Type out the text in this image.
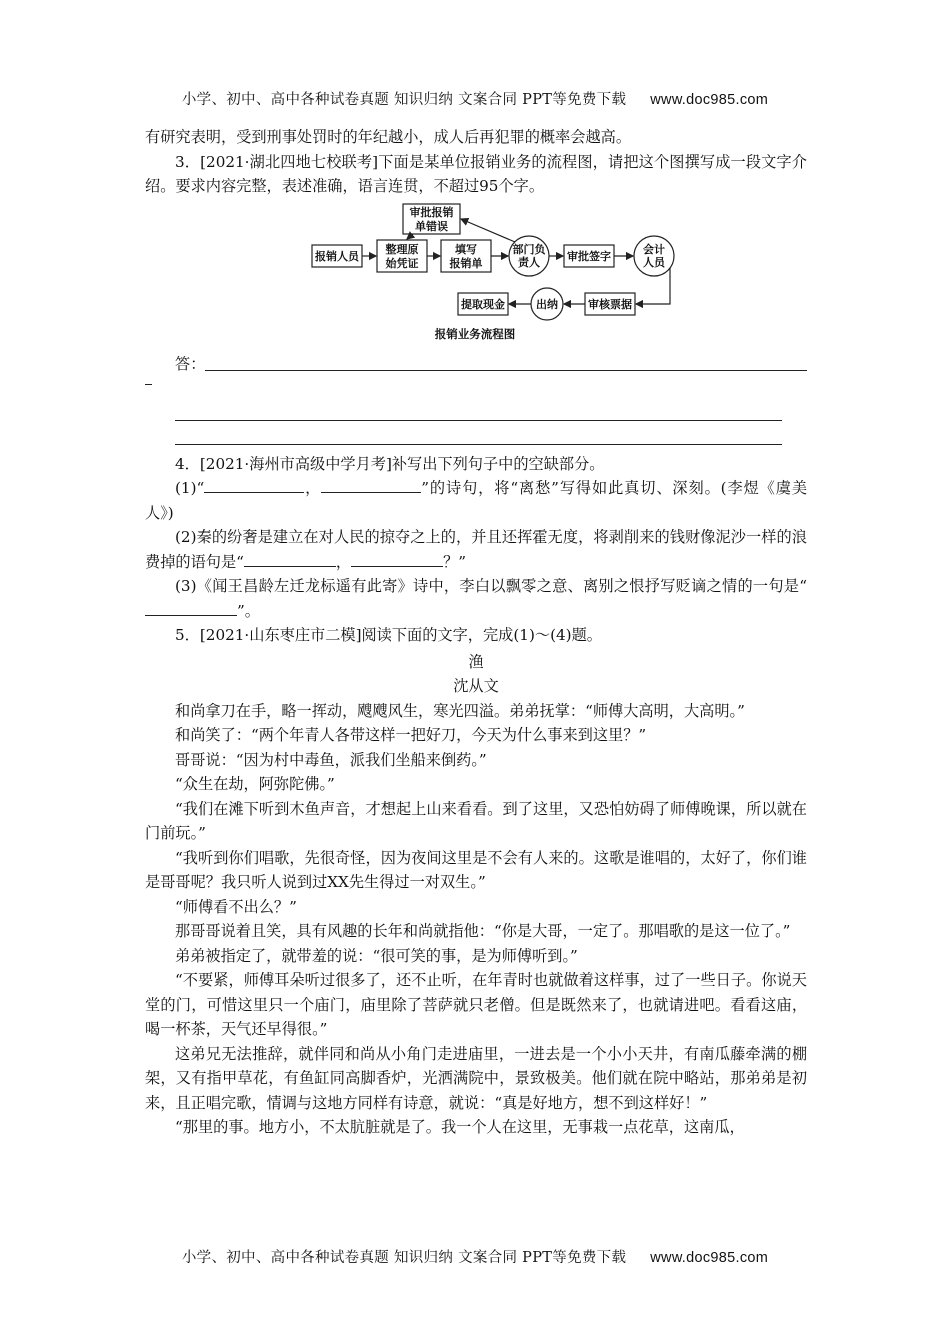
小学、初中、高中各种试卷真题 知识归纳 文案合同 PPT等免费下载 www.doc985.com

有研究表明，受到刑事处罚时的年纪越小，成人后再犯罪的概率会越高。

3．[2021·湖北四地七校联考]下面是某单位报销业务的流程图，请把这个图撰写成一段文字介绍。要求内容完整，表述准确，语言连贯，不超过95个字。

审批报销
单错误
报销人员
整理原
始凭证
填写
报销单
部门负
责人 审批签字
会计
人员
审核票据
出纳
提取现金
报销业务流程图
答：

4．[2021·海州市高级中学月考]补写出下列句子中的空缺部分。

(1)“	，	”的诗句，将“离愁”写得如此真切、深刻。(李煜《虞美人》)

(2)秦的纷奢是建立在对人民的掠夺之上的，并且还挥霍无度，将剥削来的钱财像泥沙一样的浪费掉的语句是“	，	？”

(3)《闻王昌龄左迁龙标遥有此寄》诗中，李白以飘零之意、离别之恨抒写贬谪之情的一句是“”。

5．[2021·山东枣庄市二模]阅读下面的文字，完成(1)～(4)题。

渔

沈从文

和尚拿刀在手，略一挥动，飕飕风生，寒光四溢。弟弟抚掌：“师傅大高明，大高明。”

和尚笑了：“两个年青人各带这样一把好刀，今天为什么事来到这里？”

哥哥说：“因为村中毒鱼，派我们坐船来倒药。”

“众生在劫，阿弥陀佛。”

“我们在滩下听到木鱼声音，才想起上山来看看。到了这里，又恐怕妨碍了师傅晚课，所以就在门前玩。”

“我听到你们唱歌，先很奇怪，因为夜间这里是不会有人来的。这歌是谁唱的，太好了，你们谁是哥哥呢？我只听人说到过XX先生得过一对双生。”

“师傅看不出么？”

那哥哥说着且笑，具有风趣的长年和尚就指他：“你是大哥，一定了。那唱歌的是这一位了。”

弟弟被指定了，就带羞的说：“很可笑的事，是为师傅听到。”

“不要紧，师傅耳朵听过很多了，还不止听，在年青时也就做着这样事，过了一些日子。你说天堂的门，可惜这里只一个庙门，庙里除了菩萨就只老僧。但是既然来了，也就请进吧。看看这庙，喝一杯茶，天气还早得很。”

这弟兄无法推辞，就伴同和尚从小角门走进庙里，一进去是一个小小天井，有南瓜藤牵满的棚架，又有指甲草花，有鱼缸同高脚香炉，光洒满院中，景致极美。他们就在院中略站，那弟弟是初来，且正唱完歌，情调与这地方同样有诗意，就说：“真是好地方，想不到这样好！”

“那里的事。地方小，不太肮脏就是了。我一个人在这里，无事栽一点花草，这南瓜，

小学、初中、高中各种试卷真题 知识归纳 文案合同 PPT等免费下载 www.doc985.com
